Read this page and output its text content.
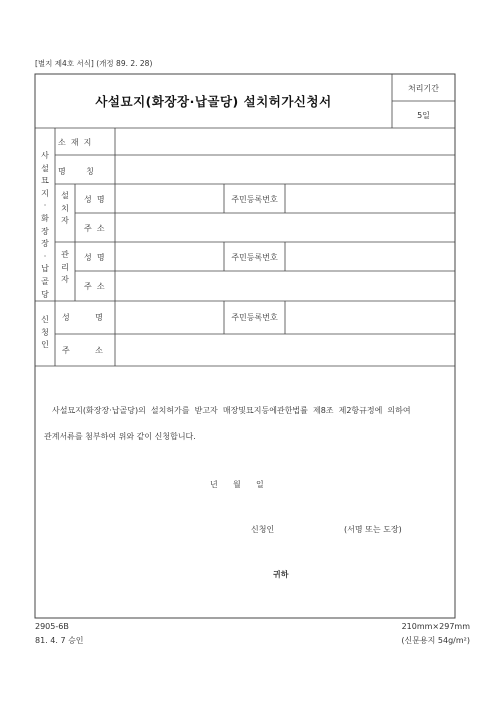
[별지 제4호 서식] (개정 89. 2. 28)
사설묘지(화장장·납골당) 설치허가신청서
처리기간
5일
사
설
묘
지
·
화
장
장
·
납
골
당
소  재  지
명        칭
설
치
자
성  명
주  소
주민등록번호
관
리
자
성  명
주  소
주민등록번호
신
청
인
성          명
주          소
주민등록번호
사설묘지(화장장·납골당)의  설치허가를  받고자  매장및묘지등에관한법률  제8조  제2항규정에  의하여
관계서류를 첨부하여 위와 같이 신청합니다.
년      월      일
신청인	(서명 또는 도장)
귀하
2905-6B
81. 4. 7 승인
210mm×297mm
(신문용지 54g/m²)
